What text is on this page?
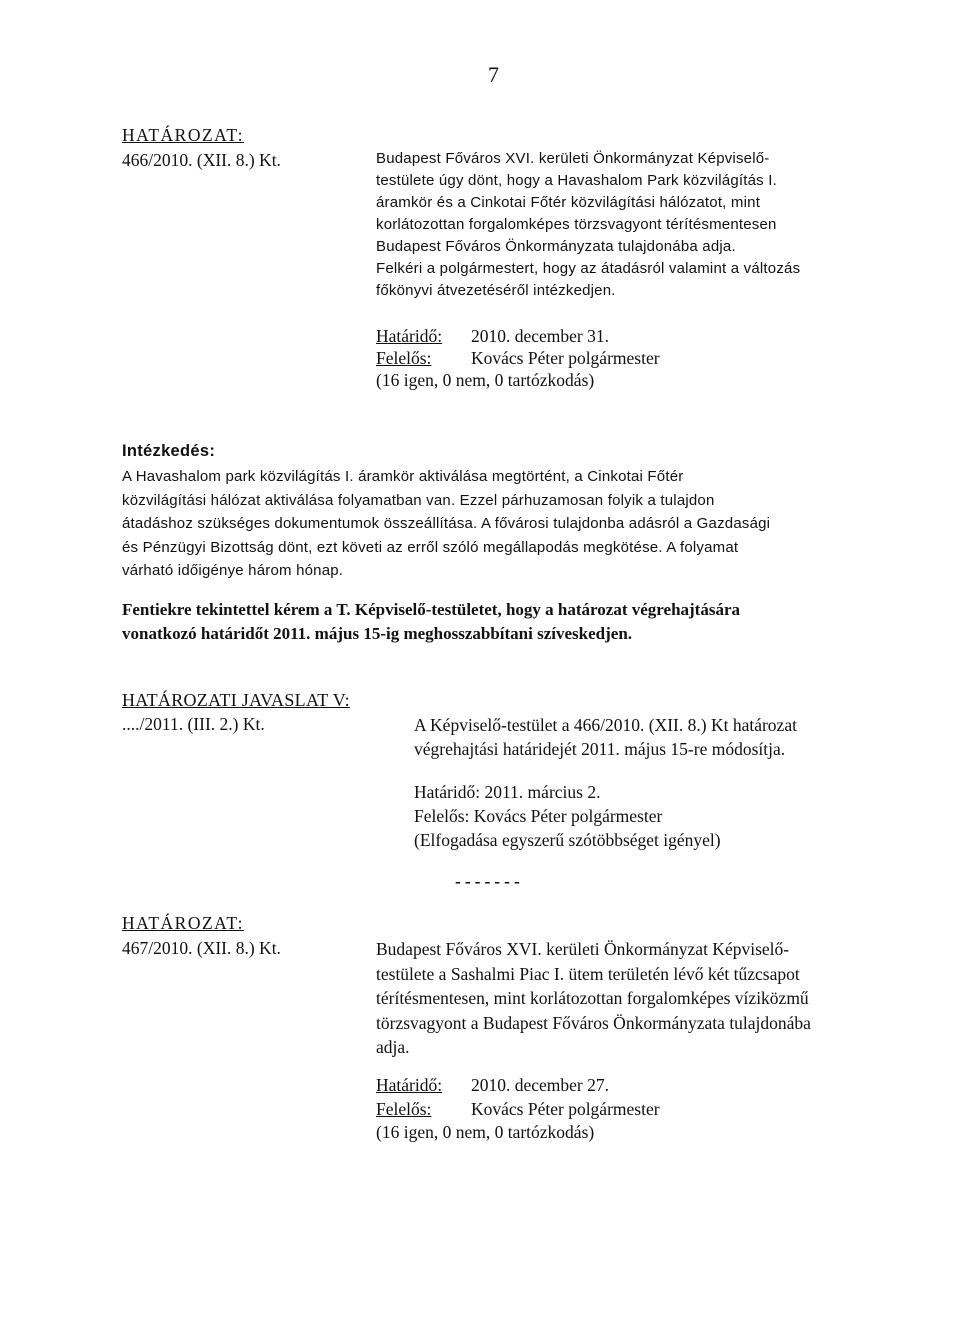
7
HATÁROZAT:
466/2010. (XII. 8.) Kt.	Budapest Főváros XVI. kerületi Önkormányzat Képviselő-
testülete úgy dönt, hogy a Havashalom Park közvilágítás I.
áramkör és a Cinkotai Főtér közvilágítási hálózatot, mint
korlátozottan forgalomképes törzsvagyont térítésmentesen
Budapest Főváros Önkormányzata tulajdonába adja.
Felkéri a polgármestert, hogy az átadásról valamint a változás
főkönyvi átvezetéséről intézkedjen.
Határidő: 2010. december 31.
Felelős: Kovács Péter polgármester
(16 igen, 0 nem, 0 tartózkodás)
Intézkedés:
A Havashalom park közvilágítás I. áramkör aktiválása megtörtént, a Cinkotai Főtér
közvilágítási hálózat aktiválása folyamatban van. Ezzel párhuzamosan folyik a tulajdon
átadáshoz szükséges dokumentumok összeállítása. A fővárosi tulajdonba adásról a Gazdasági
és Pénzügyi Bizottság dönt, ezt követi az erről szóló megállapodás megkötése. A folyamat
várható időigénye három hónap.
Fentiekre tekintettel kérem a T. Képviselő-testületet, hogy a határozat végrehajtására
vonatkozó határidőt 2011. május 15-ig meghosszabbítani szíveskedjen.
HATÁROZATI JAVASLAT V:
..../2011. (III. 2.) Kt.	A Képviselő-testület a 466/2010. (XII. 8.) Kt határozat
végrehajtási határidejét 2011. május 15-re módosítja.
Határidő: 2011. március 2.
Felelős: Kovács Péter polgármester
(Elfogadása egyszerű szótöbbséget igényel)
-------
HATÁROZAT:
467/2010. (XII. 8.) Kt.	Budapest Főváros XVI. kerületi Önkormányzat Képviselő-
testülete a Sashalmi Piac I. ütem területén lévő két tűzcsapot
térítésmentesen, mint korlátozottan forgalomképes víziközmű
törzsvagyont a Budapest Főváros Önkormányzata tulajdonába
adja.
Határidő: 2010. december 27.
Felelős: Kovács Péter polgármester
(16 igen, 0 nem, 0 tartózkodás)
